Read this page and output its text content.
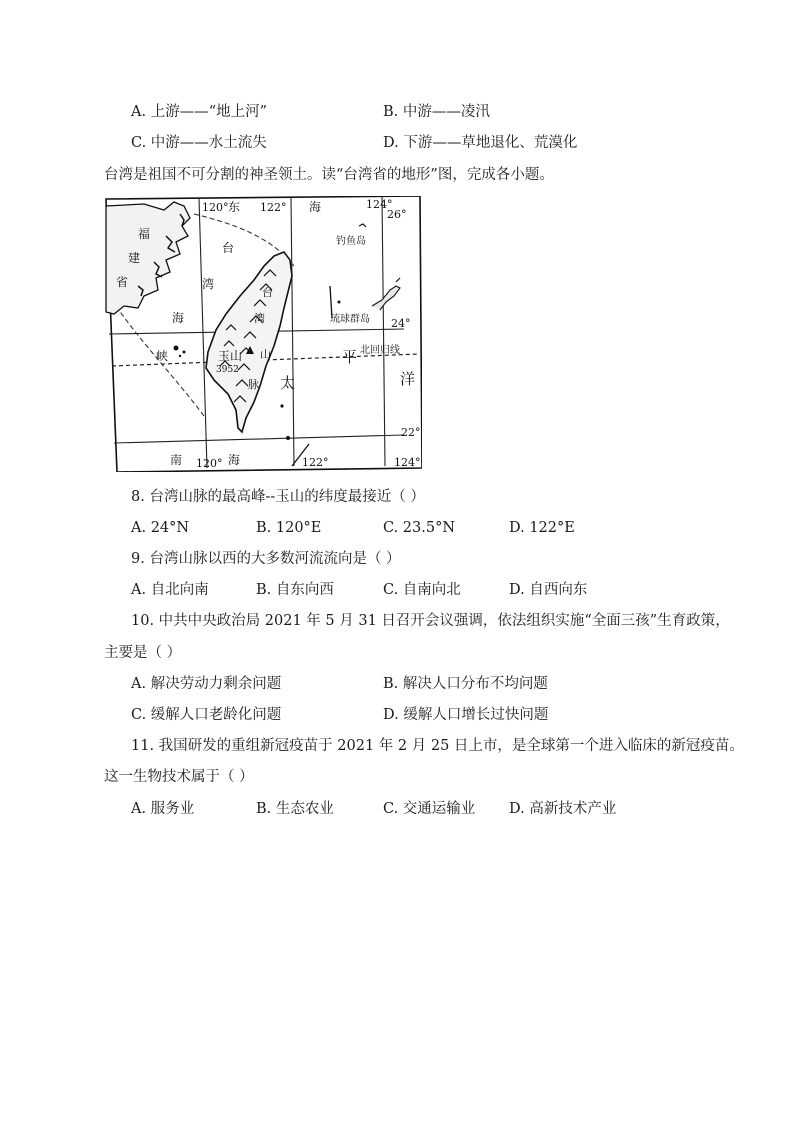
A. 上游——“地上河”	B. 中游——凌汛
C. 中游——水土流失	D. 下游——草地退化、荒漠化
台湾是祖国不可分割的神圣领土。读“台湾省的地形”图，完成各小题。
120°	122°	124°
120°	122°	124°
26°
24°
22°
东	海
南	海
福
建
省
台
湾
海
峡
钓鱼岛
琉球群岛
北回归线
太
平
洋
玉山
3952
台
湾
山
脉
8. 台湾山脉的最高峰--玉山的纬度最接近（ ）
A. 24°N	B. 120°E	C. 23.5°N	D. 122°E
9. 台湾山脉以西的大多数河流流向是（ ）
A. 自北向南	B. 自东向西	C. 自南向北	D. 自西向东
10. 中共中央政治局 2021 年 5 月 31 日召开会议强调，依法组织实施“全面三孩”生育政策，
主要是（ ）
A. 解决劳动力剩余问题	B. 解决人口分布不均问题
C. 缓解人口老龄化问题	D. 缓解人口增长过快问题
11. 我国研发的重组新冠疫苗于 2021 年 2 月 25 日上市，是全球第一个进入临床的新冠疫苗。
这一生物技术属于（ ）
A. 服务业	B. 生态农业	C. 交通运输业 D. 高新技术产业
